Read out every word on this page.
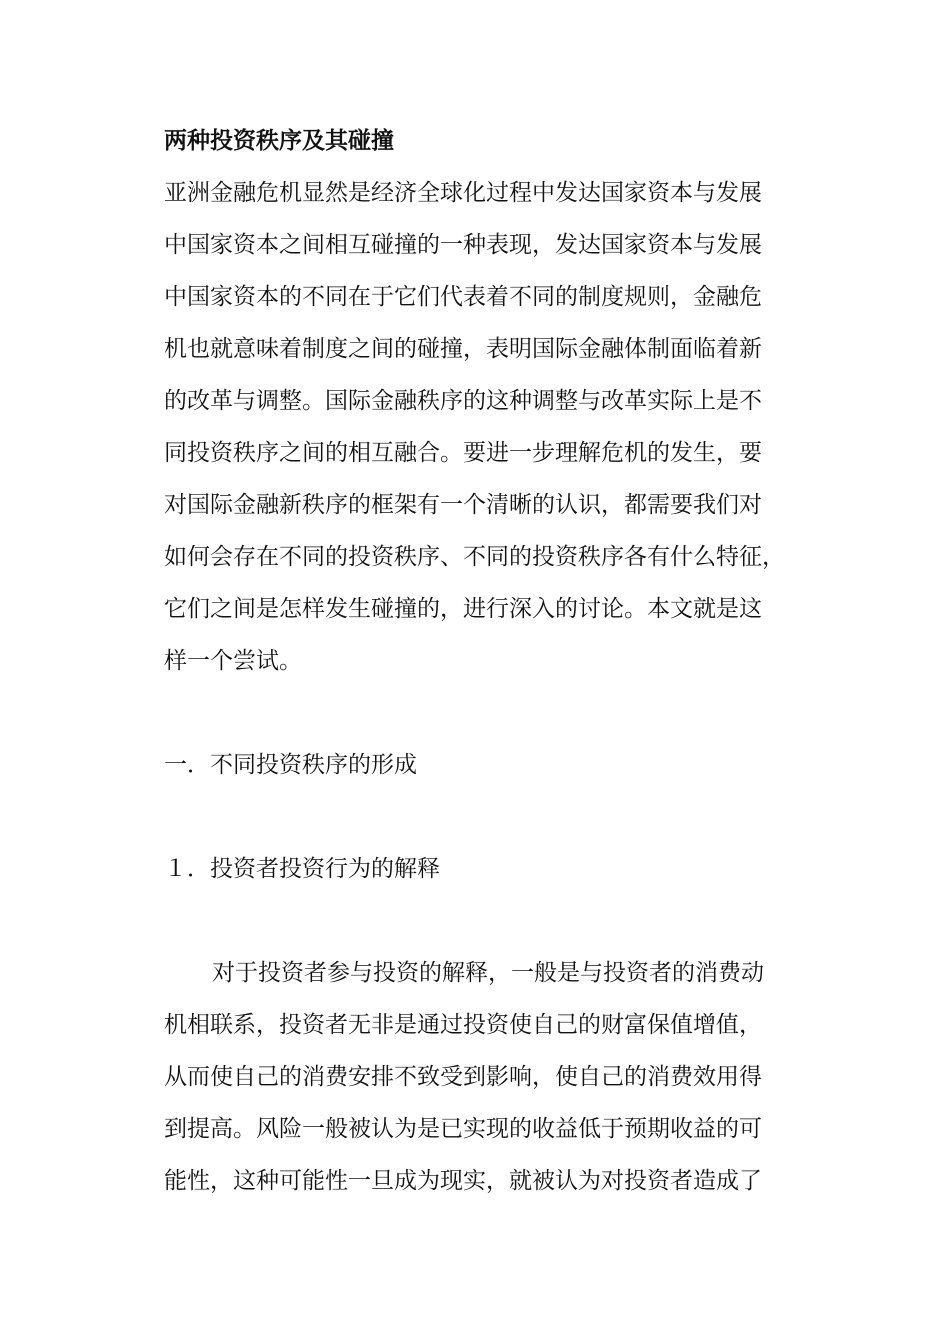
两种投资秩序及其碰撞
亚洲金融危机显然是经济全球化过程中发达国家资本与发展
中国家资本之间相互碰撞的一种表现，发达国家资本与发展
中国家资本的不同在于它们代表着不同的制度规则，金融危
机也就意味着制度之间的碰撞，表明国际金融体制面临着新
的改革与调整。国际金融秩序的这种调整与改革实际上是不
同投资秩序之间的相互融合。要进一步理解危机的发生，要
对国际金融新秩序的框架有一个清晰的认识，都需要我们对
如何会存在不同的投资秩序、不同的投资秩序各有什么特征，
它们之间是怎样发生碰撞的，进行深入的讨论。本文就是这
样一个尝试。
一．不同投资秩序的形成
１．投资者投资行为的解释
对于投资者参与投资的解释，一般是与投资者的消费动
机相联系，投资者无非是通过投资使自己的财富保值增值，
从而使自己的消费安排不致受到影响，使自己的消费效用得
到提高。风险一般被认为是已实现的收益低于预期收益的可
能性，这种可能性一旦成为现实，就被认为对投资者造成了
